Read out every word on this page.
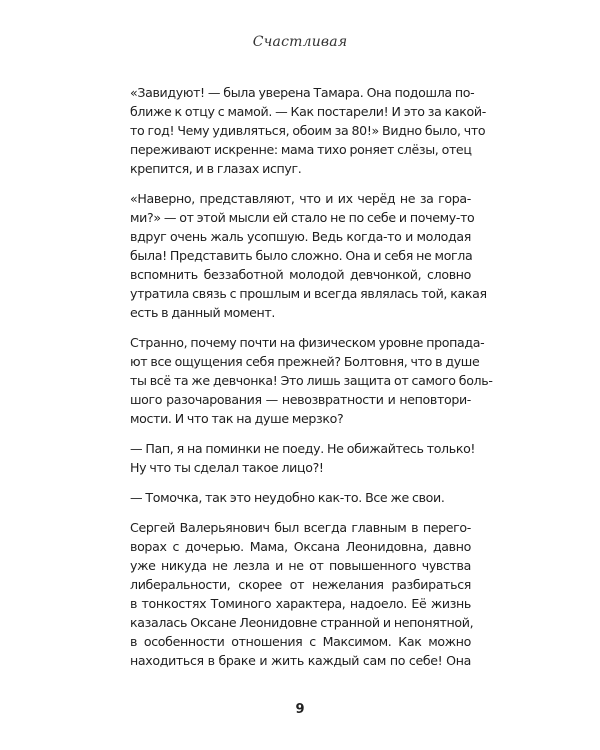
Счастливая

«Завидуют! — была уверена Тамара. Она подошла по-
ближе к отцу с мамой. — Как постарели! И это за какой-
то год! Чему удивляться, обоим за 80!» Видно было, что
переживают искренне: мама тихо роняет слёзы, отец
крепится, и в глазах испуг.

«Наверно, представляют, что и их черёд не за гора-
ми?» — от этой мысли ей стало не по себе и почему-то
вдруг очень жаль усопшую. Ведь когда-то и молодая
была! Представить было сложно. Она и себя не могла
вспомнить беззаботной молодой девчонкой, словно
утратила связь с прошлым и всегда являлась той, какая
есть в данный момент.

Странно, почему почти на физическом уровне пропада-
ют все ощущения себя прежней? Болтовня, что в душе
ты всё та же девчонка! Это лишь защита от самого боль-
шого разочарования — невозвратности и неповтори-
мости. И что так на душе мерзко?

— Пап, я на поминки не поеду. Не обижайтесь только!
Ну что ты сделал такое лицо?!

— Томочка, так это неудобно как-то. Все же свои.

Сергей Валерьянович был всегда главным в перего-
ворах с дочерью. Мама, Оксана Леонидовна, давно
уже никуда не лезла и не от повышенного чувства
либеральности, скорее от нежелания разбираться
в тонкостях Томиного характера, надоело. Её жизнь
казалась Оксане Леонидовне странной и непонятной,
в особенности отношения с Максимом. Как можно
находиться в браке и жить каждый сам по себе! Она

9
